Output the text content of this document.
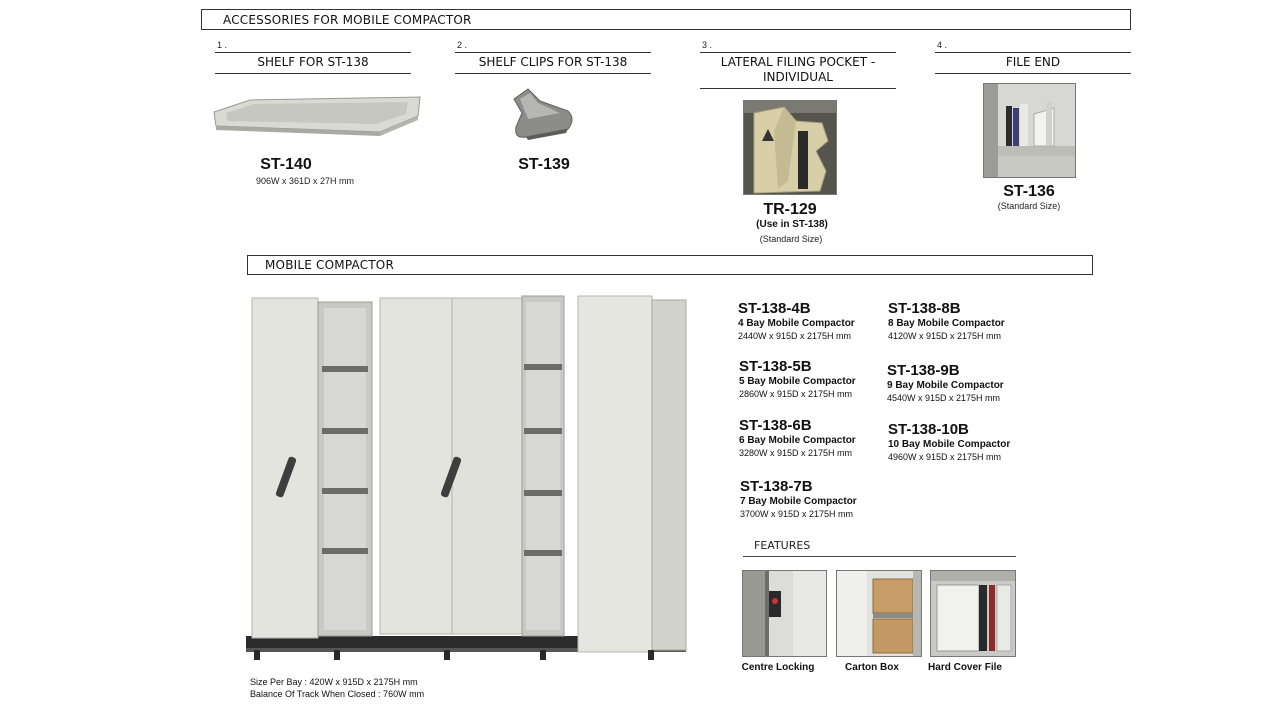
ACCESSORIES FOR MOBILE COMPACTOR
1 .
SHELF FOR ST-138
ST-140
906W x 361D x 27H mm
2 .
SHELF CLIPS FOR ST-138
ST-139
3 .
LATERAL FILING POCKET -
INDIVIDUAL
TR-129
(Use in ST-138)
(Standard Size)
4 .
FILE END
ST-136
(Standard Size)
MOBILE COMPACTOR
ST-138-4B
4 Bay Mobile Compactor
2440W x 915D x 2175H mm
ST-138-5B
5 Bay Mobile Compactor
2860W x 915D x 2175H mm
ST-138-6B
6 Bay Mobile Compactor
3280W x 915D x 2175H mm
ST-138-7B
7 Bay Mobile Compactor
3700W x 915D x 2175H mm
ST-138-8B
8 Bay Mobile Compactor
4120W x 915D x 2175H mm
ST-138-9B
9 Bay Mobile Compactor
4540W x 915D x 2175H mm
ST-138-10B
10 Bay Mobile Compactor
4960W x 915D x 2175H mm
FEATURES
Centre Locking	Carton Box	Hard Cover File
Size Per Bay : 420W x 915D x 2175H mm
Balance Of Track When Closed : 760W mm
